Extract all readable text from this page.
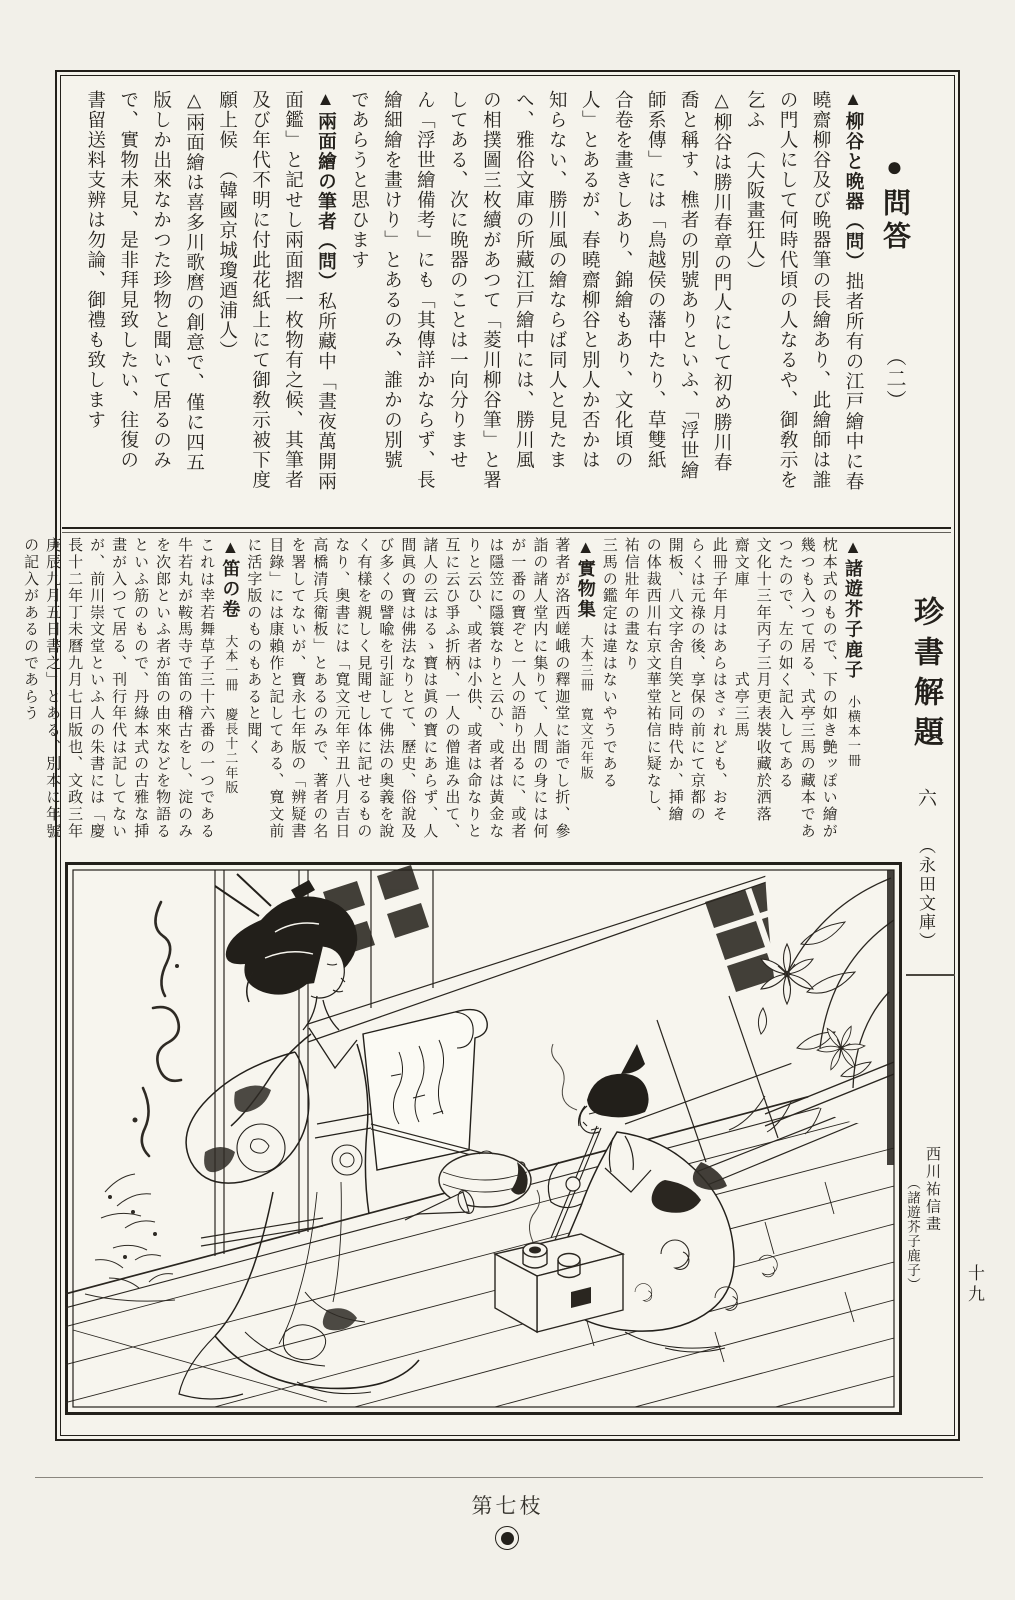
●問答 （二）
▲柳谷と晩器（問）拙者所有の江戸繪中に春
曉齋柳谷及び晩器筆の長繪あり、此繪師は誰
の門人にして何時代頃の人なるや、御敎示を
乞ふ　（大阪畫狂人）
△柳谷は勝川春章の門人にして初め勝川春
喬と稱す、樵者の別號ありといふ、「浮世繪
師系傳」には「鳥越侯の藩中たり、草雙紙
合卷を畫きしあり、錦繪もあり、文化頃の
人」とあるが、春曉齋柳谷と別人か否かは
知らない、勝川風の繪ならば同人と見たま
へ、雅俗文庫の所藏江戸繪中には、勝川風
の相撲圖三枚續があつて「菱川柳谷筆」と署
してある、次に晩器のことは一向分りませ
ん「浮世繪備考」にも「其傳詳かならず、長
繪細繪を畫けり」とあるのみ、誰かの別號
であらうと思ひます
▲兩面繪の筆者（問）私所藏中「晝夜萬開兩
面鑑」と記せし兩面摺一枚物有之候、其筆者
及び年代不明に付此花紙上にて御敎示被下度
願上候　（韓國京城瓊逎浦人）
△兩面繪は喜多川歌麿の創意で、僅に四五
版しか出來なかつた珍物と聞いて居るのみ
で、實物未見、是非拜見致したい、往復の
書留送料支辨は勿論、御禮も致します
珍書解題 六 （永田文庫）
▲諸遊芥子鹿子　小横本一冊
枕本式のもので、下の如き艶ッぽい繪が
幾つも入つて居る、式亭三馬の藏本であ
つたので、左の如く記入してある
文化十三年丙子三月更表裝收藏於洒落
齋文庫　　　　　式亭三馬
此冊子年月はあらはさゞれども、おそ
らくは元祿の後、享保の前にて京都の
開板、八文字舍自笑と同時代か、挿繪
の体裁西川右京文華堂祐信に疑なし、
祐信壯年の畫なり
三馬の鑑定は違はないやうである
▲實物集　大本三冊　寬文元年版
著者が洛西嵯峨の釋迦堂に詣でし折、參
詣の諸人堂内に集りて、人間の身には何
が一番の寶ぞと一人の語り出るに、或者
は隱笠に隱簑なりと云ひ、或者は黃金な
りと云ひ、或者は小供、或者は命なりと
互に云ひ爭ふ折柄、一人の僧進み出て、
諸人の云はるゝ寶は眞の寶にあらず、人
間眞の寶は佛法なりとて、歷史、俗說及
び多くの譬喩を引証して佛法の奥義を說
く有樣を親しく見聞せし体に記せるもの
なり、奥書には「寬文元年辛丑八月吉日
高橋清兵衛板」とあるのみで、著者の名
を署してないが、寶永七年版の「辨疑書
目錄」には康賴作と記してある、寬文前
に活字版のものもあると聞く
▲笛の卷　大本一冊　慶長十二年版
これは幸若舞草子三十六番の一つである
牛若丸が鞍馬寺で笛の稽古をし、淀のみ
を次郎といふ者が笛の由來などを物語る
といふ筋のもので、丹綠本式の古雅な挿
畫が入つて居る、刊行年代は記してない
が、前川崇文堂といふ人の朱書には「慶
長十二年丁未曆九月七日版也、文政三年
庚辰九月五日書之」とある、別本に年號
の記入があるのであらう
西川祐信畫
（諸遊芥子鹿子）	十九
第七枝
